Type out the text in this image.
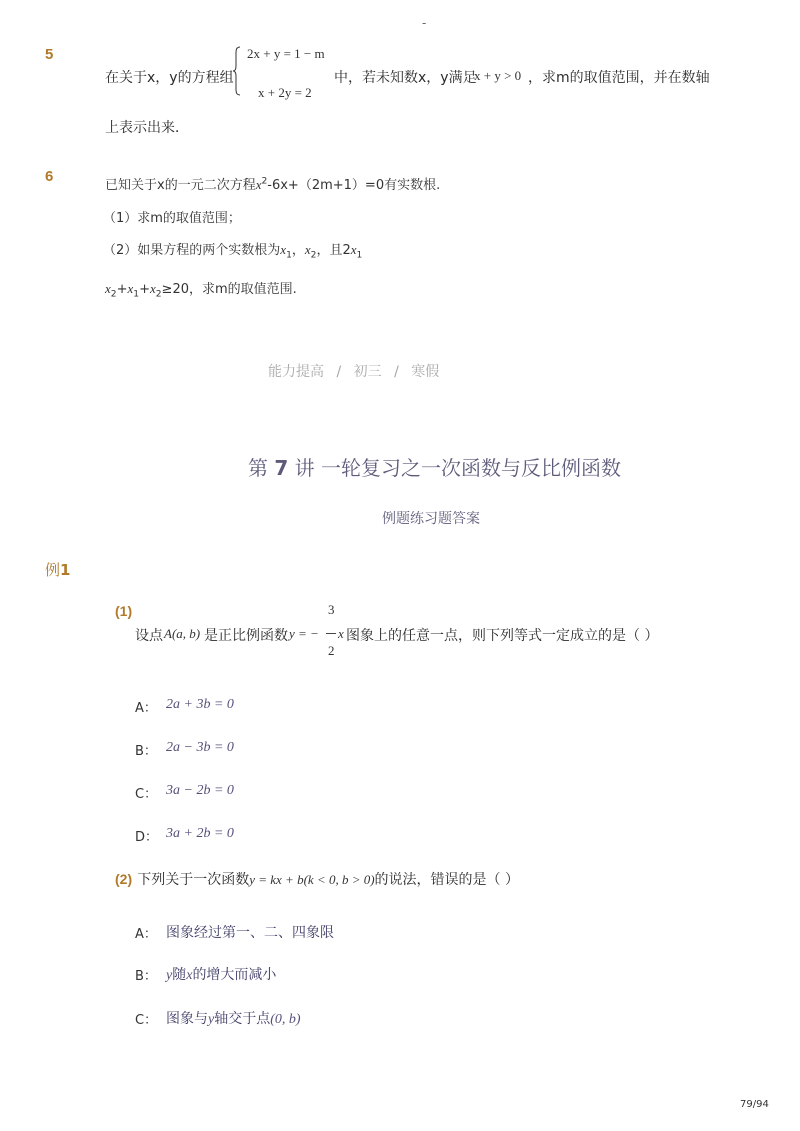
-
5
在关于x，y的方程组
2x + y = 1 − m
x + 2y = 2
中，若未知数x，y满足
x + y > 0 ，求m的取值范围，并在数轴
上表示出来．
6
已知关于x的一元二次方程$x^2-6x+(2m+1)=0$有实数根.
（1）求m的取值范围；
（2）如果方程的两个实数根为$x_1$，$x_2$，且$2x_1$
$x_2+x_1+x_2\ge 20$，求m的取值范围.
能力提高 / 初三 / 寒假
第 7 讲 一轮复习之一次函数与反比例函数
例题练习题答案
例1
(1)
设点 A(a, b) 是正比例函数 y = −
3
2
x 图象上的任意一点，则下列等式一定成立的是（ ）
A： 2a + 3b = 0
B： 2a − 3b = 0
C： 3a − 2b = 0
D： 3a + 2b = 0
(2) 下列关于一次函数y = kx + b(k < 0, b > 0)的说法，错误的是（ ）
A： 图象经过第一、二、四象限
B： y随x的增大而减小
C： 图象与y轴交于点(0, b)
79/94
